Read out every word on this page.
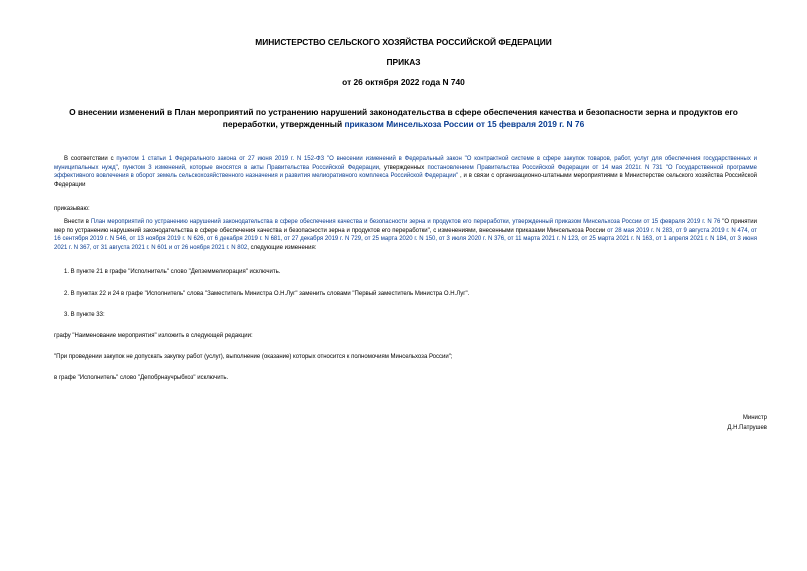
МИНИСТЕРСТВО СЕЛЬСКОГО ХОЗЯЙСТВА РОССИЙСКОЙ ФЕДЕРАЦИИ
ПРИКАЗ
от 26 октября 2022 года N 740
О внесении изменений в План мероприятий по устранению нарушений законодательства в сфере обеспечения качества и безопасности зерна и продуктов его переработки, утвержденный приказом Минсельхоза России от 15 февраля 2019 г. N 76
В соответствии с пунктом 1 статьи 1 Федерального закона от 27 июня 2019 г. N 152-ФЗ "О внесении изменений в Федеральный закон "О контрактной системе в сфере закупок товаров, работ, услуг для обеспечения государственных и муниципальных нужд", пунктом 3 изменений, которые вносятся в акты Правительства Российской Федерации, утвержденных постановлением Правительства Российской Федерации от 14 мая 2021г. N 731 "О Государственной программе эффективного вовлечения в оборот земель сельскохозяйственного назначения и развития мелиоративного комплекса Российской Федерации" , и в связи с организационно-штатными мероприятиями в Министерстве сельского хозяйства Российской Федерации
приказываю:
Внести в План мероприятий по устранению нарушений законодательства в сфере обеспечения качества и безопасности зерна и продуктов его переработки, утвержденный приказом Минсельхоза России от 15 февраля 2019 г. N 76 "О принятии мер по устранению нарушений законодательства в сфере обеспечения качества и безопасности зерна и продуктов его переработки", с изменениями, внесенными приказами Минсельхоза России от 28 мая 2019 г. N 283, от 9 августа 2019 г. N 474, от 16 сентября 2019 г. N 546, от 13 ноября 2019 г. N 626, от 6 декабря 2019 г. N 681, от 27 декабря 2019 г. N 729, от 25 марта 2020 г. N 150, от 3 июля 2020 г. N 376, от 11 марта 2021 г. N 123, от 25 марта 2021 г. N 163, от 1 апреля 2021 г. N 184, от 3 июня 2021 г. N 367, от 31 августа 2021 г. N 601 и от 26 ноября 2021 г. N 802, следующие изменения:
1. В пункте 21 в графе "Исполнитель" слово "Депземмелиорация" исключить.
2. В пунктах 22 и 24 в графе "Исполнитель" слова "Заместитель Министра О.Н.Луг" заменить словами "Первый заместитель Министра О.Н.Луг".
3. В пункте 33:
графу "Наименование мероприятия" изложить в следующей редакции:
"При проведении закупок не допускать закупку работ (услуг), выполнение (оказание) которых относится к полномочиям Минсельхоза России";
в графе "Исполнитель" слово "Депобрнаучрыбхоз" исключить.
Министр
Д.Н.Патрушев
